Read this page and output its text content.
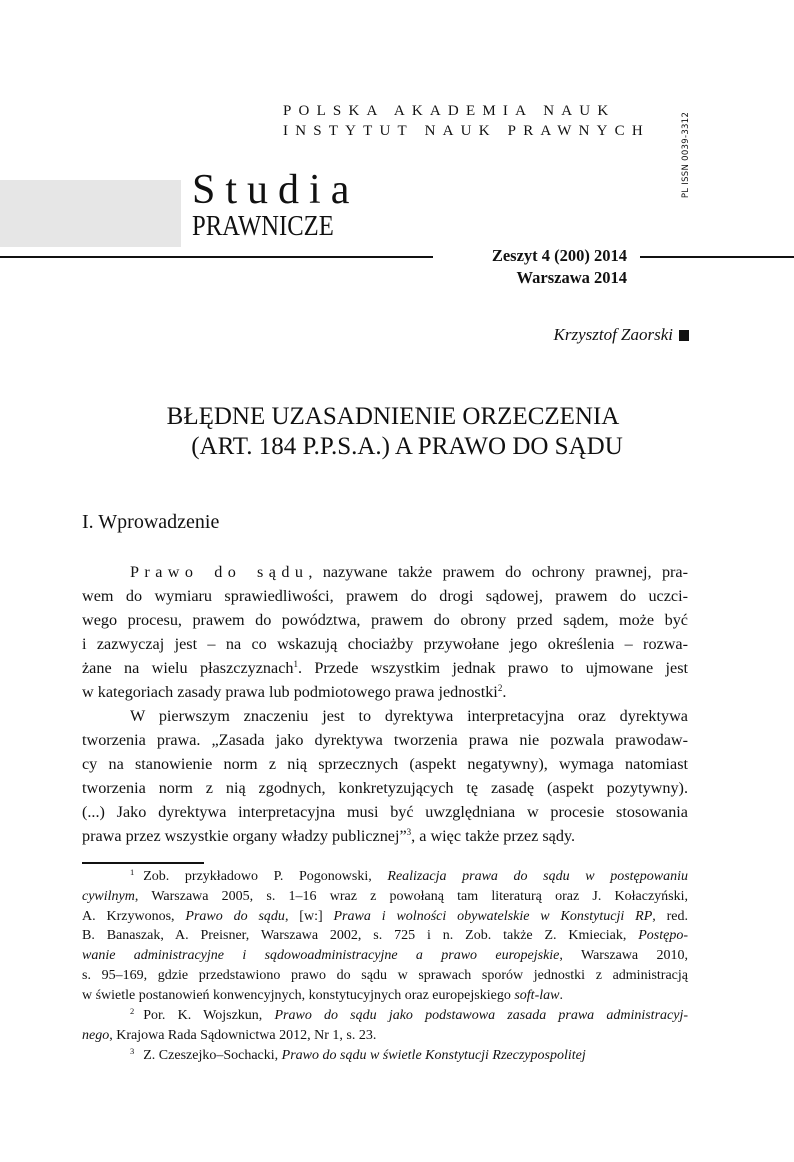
POLSKA AKADEMIA NAUK
INSTYTUT NAUK PRAWNYCH	PL ISSN 0039-3312
Studia
PRAWNICZE
Zeszyt 4 (200) 2014
Warszawa 2014
Krzysztof Zaorski
BŁĘDNE UZASADNIENIE ORZECZENIA
(ART. 184 P.P.S.A.) A PRAWO DO SĄDU
I. Wprowadzenie
Prawo do sądu, nazywane także prawem do ochrony prawnej, pra-
wem do wymiaru sprawiedliwości, prawem do drogi sądowej, prawem do uczci-
wego procesu, prawem do powództwa, prawem do obrony przed sądem, może być
i zazwyczaj jest – na co wskazują chociażby przywołane jego określenia – rozwa-
żane na wielu płaszczyznach$^1$. Przede wszystkim jednak prawo to ujmowane jest
w kategoriach zasady prawa lub podmiotowego prawa jednostki$^2$.
W pierwszym znaczeniu jest to dyrektywa interpretacyjna oraz dyrektywa
tworzenia prawa. „Zasada jako dyrektywa tworzenia prawa nie pozwala prawodaw-
cy na stanowienie norm z nią sprzecznych (aspekt negatywny), wymaga natomiast
tworzenia norm z nią zgodnych, konkretyzujących tę zasadę (aspekt pozytywny).
(...) Jako dyrektywa interpretacyjna musi być uwzględniana w procesie stosowania
prawa przez wszystkie organy władzy publicznej”$^3$, a więc także przez sądy.
$^1$ Zob. przykładowo P. Pogonowski, Realizacja prawa do sądu w postępowaniu
cywilnym, Warszawa 2005, s. 1–16 wraz z powołaną tam literaturą oraz J. Kołaczyński,
A. Krzywonos, Prawo do sądu, [w:] Prawa i wolności obywatelskie w Konstytucji RP, red.
B. Banaszak, A. Preisner, Warszawa 2002, s. 725 i n. Zob. także Z. Kmieciak, Postępo-
wanie administracyjne i sądowoadministracyjne a prawo europejskie, Warszawa 2010,
s. 95–169, gdzie przedstawiono prawo do sądu w sprawach sporów jednostki z administracją
w świetle postanowień konwencyjnych, konstytucyjnych oraz europejskiego soft-law.
$^2$ Por. K. Wojszkun, Prawo do sądu jako podstawowa zasada prawa administracyj-
nego, Krajowa Rada Sądownictwa 2012, Nr 1, s. 23.
$^3$ Z. Czeszejko–Sochacki, Prawo do sądu w świetle Konstytucji Rzeczypospolitej
